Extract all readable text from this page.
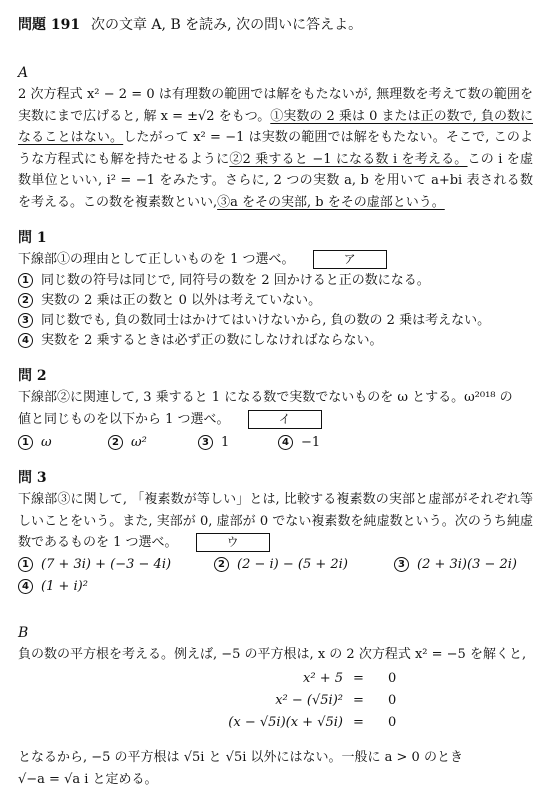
問題 191 次の文章 A, B を読み, 次の問いに答えよ。
A
2 次方程式 x² − 2 = 0 は有理数の範囲では解をもたないが, 無理数を考えて数の範囲を実数にまで広げると, 解 x = ±√2 をもつ。①実数の 2 乗は 0 または正の数で, 負の数になることはない。したがって x² = −1 は実数の範囲では解をもたない。そこで, このような方程式にも解を持たせるように②2 乗すると −1 になる数 i を考える。この i を虚数単位といい, i² = −1 をみたす。さらに, 2 つの実数 a, b を用いて a+bi 表される数を考える。この数を複素数といい,③a をその実部, b をその虚部という。
問 1
下線部①の理由として正しいものを 1 つ選べ。	ア
1 同じ数の符号は同じで, 同符号の数を 2 回かけると正の数になる。
2 実数の 2 乗は正の数と 0 以外は考えていない。
3 同じ数でも, 負の数同士はかけてはいけないから, 負の数の 2 乗は考えない。
4 実数を 2 乗するときは必ず正の数にしなければならない。
問 2
下線部②に関連して, 3 乗すると 1 になる数で実数でないものを ω とする。ω²⁰¹⁸ の
値と同じものを以下から 1 つ選べ。	イ
1 ω	2 ω²	3 1	4 −1
問 3
下線部③に関して, 「複素数が等しい」とは, 比較する複素数の実部と虚部がそれぞれ等しいことをいう。また, 実部が 0, 虚部が 0 でない複素数を純虚数という。次のうち純虚数であるものを 1 つ選べ。	ウ
1 (7 + 3i) + (−3 − 4i)	2 (2 − i) − (5 + 2i)	3 (2 + 3i)(3 − 2i)
4 (1 + i)²
B
負の数の平方根を考える。例えば, −5 の平方根は, x の 2 次方程式 x² = −5 を解くと,
x² + 5 = 0
x² − (√5i)² = 0
(x − √5i)(x + √5i) = 0
となるから, −5 の平方根は √5i と √5i 以外にはない。一般に a > 0 のとき
√−a = √a i と定める。
